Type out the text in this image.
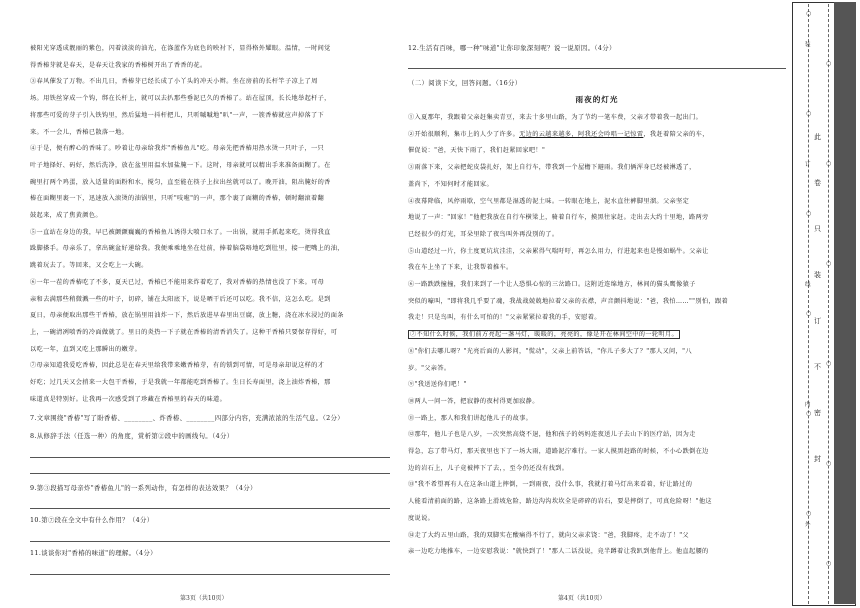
被阳光穿透成靓丽的紫色，闪着淡淡的油光，在涤蓝作为底色的映衬下，显得格外耀眼。温情，一时间觉
得香椿芽就是春天，是春天让我家的香椿树开出了香香的花。
③春风催发了万物。不出几日，香椿芽已经长成了小丫头的冲天小辫。坐在房前的长杆竿子凉上了周
场。用铁丝穿成一个钩，绑在长杆上，就可以去扒那些垂泥已久的香椿了。站在屋顶，长长地举起杆子，
将那些可爱的芽子引入铁钩里，然后猛地一抖杆把儿，只听嘁嘁地"叭"一声，一簇香椿就应声掉落了下
来。不一会儿，香椿已散落一地。
④于是，便有醉心的香味了。吵着让母亲给我炸"香椿鱼儿"吃。母亲先把香椿用热水烫一只叶子，一只
叶子地择好、码好，然后洗净，放在盆里用温水加盐腌一下。这时，母亲就可以精出手来准备面糊了。在
碗里打两个鸡蛋，放入适量的面粉和水，搅匀，直至能在筷子上拉出丝就可以了。晚开油，阻出腌好的香
椿在面糊里裹一下，迅速放入滚烫的油锅里，只听"吱啦"的一声，那个裹了面糊的香椿，顿时翻滚着翻
鼓起来，成了焦黄颜色。
⑤一直站在身边的我，早已被颤颤巍巍的香椿鱼儿诱得大喷口水了。一出锅，就用手抓起来吃，烫得我直
跺脚搽手。母亲乐了，拿出碗盆好递给我。我便乘乘地坐在灶前，捧着脑袋咯地吃到肚里，接一把嘴上的油，
跳着玩去了。等回来，又会吃上一大碗。
⑥一年一茬的香椿吃了不多，夏天已过，香椿已不能用来炸着吃了，我对香椿的热情也没了下来。可母
亲和去满那些稍微溅一些的叶子，切碎，铺在太阳底下，说是晒干后还可以吃。我不信，这怎么吃。是到
夏日，母亲便取出那些干香椿，放在锅里用油炸一下，然后放进早春里出豆腐，放上糖，浇在冰水浸过的面条
上，一碗清冽喷香的冷面做就了。里日的炎热一下子就在香椿的清香消失了。这种干香椿只要保存得好，可
以吃一年，直到又吃上那瞬出的嫩芽。
⑦母亲知道我爱吃香椿，因此总是在春天里给我带来嫩香椿芽，有的锁到可情，可是母亲却说这样的才
好吃；过几天又会捎来一大包干香椿，于是我就一年都能吃到香椿了。生日长寿面里，浇上油炸香椿，那
味道真是特别好。让我再一次感受到了珍藏在香椿里的春天的味道。
7.文章围绕"香椿"写了盼香椿、________、炸香椿、________四部分内容，充满浓浓的生活气息。（2分）
8.从修辞手法（任选一种）的角度，赏析第②段中的画线句。（4分）
9.第③段描写母亲炸"香椿鱼儿"的一系列动作，有怎样的表达效果？（4分）
10.第⑦段在全文中有什么作用？（4分）
11.谈谈你对"香椿的味道"的理解。（4分）
第3页（共10页）
12.生活有百味，哪一种"味道"让你印象深刻呢？说一说原因。（4分）
（二）阅读下文，回答问题。（16分）
雨夜的灯光
①入夏那年，我跟着父亲赶集卖青豆，来去十多里山路，为了节约一笔车费，父亲才带着我一起出门。
②开始很顺利，集市上的人少了许多。无边的云越来越多，阿我还会吟唱一记惊雷，我赶着陪父亲的车，
催促说："爸，天快下雨了，我们赶紧回家吧！"
③雨落下来，父亲把蛇皮袋扎好，架上自行车，带我到一个屋檐下避雨。我们俩浑身已经被淋透了，
盖尚下，不知何时才能回家。
④夜幕降临，风停雨歇，空气里都是湿透的泥土味。一转眼在地上，泥水直往裤脚里溜。父亲坚定
地说了一声："回家！"他把我放在自行车横梁上，骑着自行车，摸黑往家赶。走出去大约十里地，路两旁
已经很少的灯光，耳朵里除了夜鸟叫外再没别的了。
⑤山道经过一片，你土度更坑坑洼洼，父亲累得气喘吁吁，再怎么用力，行进起来也是慢如蜗牛。父亲让
我在车上坐了下来，让我帮着推车。
⑥一路跌跌撞撞，我们来到了一个让人恐惧心惊的三岔路口。这附近连绵地方，林间的猫头鹰像猿子
突似的嚎叫，"即将我几乎要了魂，我战战兢兢地拉着父亲的衣襟，声音颤抖地说："爸，我怕……""别怕，跟着
我走！只是鸟叫，有什么可怕的！"父亲紧紧拉着我的手，安慰着。
⑦不知什么时候，我们前方亮起一盏马灯，暖暖的，亮亮的，像是开在林间空中的一轮明月。
⑧"你们去哪儿呀？"光亮后面的人影问，"慌动"，父亲上前答话，"你儿子多大了？"那人又问，"八
岁。"父亲答。
⑨"我送送你们吧！"
⑩两人一问一答，把寂静的夜村得更加寂静。
⑪一路上，那人和我们讲起他儿子的故事。
⑫那年，他儿子也是八岁，一次突然高烧不退，他和孩子的妈妈连夜送儿子去山下的医疗站，因为走
得急，忘了带马灯，那天夜里也下了一场大雨，道路泥泞难行。一家人摸黑赶路的时候，不小心跌倒在边
边的岩石上，儿子竟被摔下了去，，至今仍还没有找到。
⑬"我不希望再有人在这条山道上摔倒，一到雨夜，没什么事，我就打着马灯出来看着，好让路过的
人能看清前面的路，这条路上滑坡危险，路边沟沟坎坎全是碎碎的岩石，要是摔倒了，可真危险呀！"他这
度说说。
⑭走了大约五里山路，我的双脚实在酸痛得不行了，就向父亲求饶："爸，我脚疼，走不动了！"父
亲一边吃力地推车，一边安慰我说："就快到了！"那人二话没说，竟半蹲着让我趴到他背上。他直起腰的
第4页（共10页）
此
卷
只
装
订
不
密
封
装
订
线
内
外
○
○
○
○
○
○
○
○
○
○
○
○
